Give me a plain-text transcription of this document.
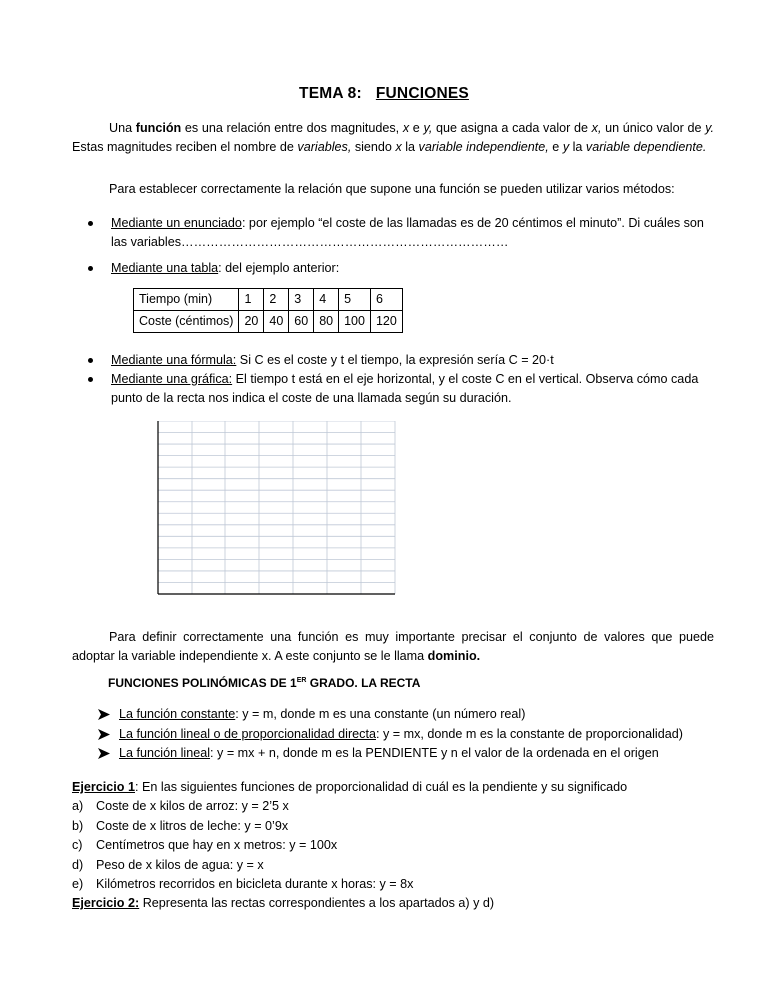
TEMA 8: FUNCIONES

Una función es una relación entre dos magnitudes, x e y, que asigna a cada valor de x, un único valor de y. Estas magnitudes reciben el nombre de variables, siendo x la variable independiente, e y la variable dependiente.

Para establecer correctamente la relación que supone una función se pueden utilizar varios métodos:

Mediante un enunciado: por ejemplo “el coste de las llamadas es de 20 céntimos el minuto”. Di cuáles son las variables……………………………………………………………………
Mediante una tabla: del ejemplo anterior:
Tiempo (min)	1	2	3	4	5	6
Coste (céntimos)	20	40	60	80	100	120
Mediante una fórmula: Si C es el coste y t el tiempo, la expresión sería C = 20·t
Mediante una gráfica: El tiempo t está en el eje horizontal, y el coste C en el vertical. Observa cómo cada punto de la recta nos indica el coste de una llamada según su duración.

Para definir correctamente una función es muy importante precisar el conjunto de valores que puede adoptar la variable independiente x. A este conjunto se le llama dominio.

FUNCIONES POLINÓMICAS DE 1ER GRADO. LA RECTA
La función constante: y = m, donde m es una constante (un número real)
La función lineal o de proporcionalidad directa: y = mx, donde m es la constante de proporcionalidad)
La función lineal: y = mx + n, donde m es la PENDIENTE y n el valor de la ordenada en el origen
Ejercicio 1: En las siguientes funciones de proporcionalidad di cuál es la pendiente y su significado
a) Coste de x kilos de arroz: y = 2’5 x
b) Coste de x litros de leche: y = 0’9x
c) Centímetros que hay en x metros: y = 100x
d) Peso de x kilos de agua: y = x
e) Kilómetros recorridos en bicicleta durante x horas: y = 8x
Ejercicio 2: Representa las rectas correspondientes a los apartados a) y d)
